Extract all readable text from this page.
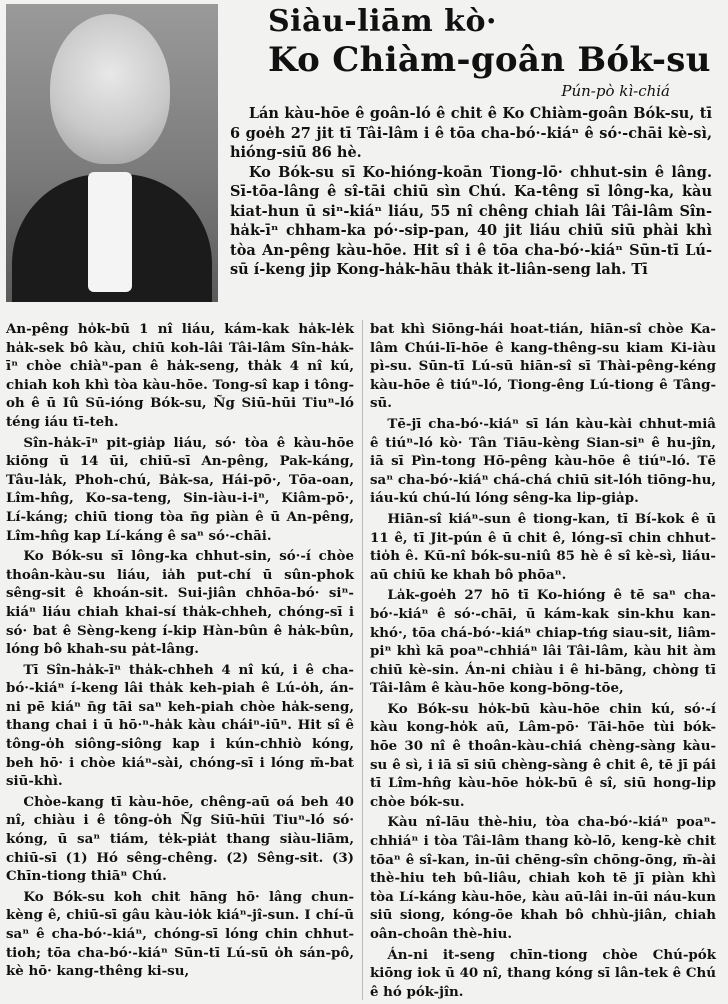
Siàu-liām kò·
Ko Chiàm-goân Bók-su
Pún-pò kì-chiá

Lán kàu-hōe ê goân-ló ê chit ê Ko Chiàm-goân Bók-su, tī 6 goe̍h 27 jit tī Tâi-lâm i ê tōa cha-bó·-kiáⁿ ê só·-chāi kè-sì, hióng-siū 86 hè.

Ko Bók-su sī Ko-hióng-koān Tiong-lō· chhut-sin ê lâng. Sī-tōa-lâng ê sî-tāi chiū sìn Chú. Ka-têng sī lông-ka, kàu kiat-hun ū siⁿ-kiáⁿ liáu, 55 nî chêng chiah lâi Tâi-lâm Sîn-ha̍k-īⁿ chham-ka pó·-sip-pan, 40 jit liáu chiū siū phài khì tòa An-pêng kàu-hōe. Hit sî i ê tōa cha-bó·-kiáⁿ Sūn-tī Lú-sū í-keng jip Kong-ha̍k-hāu tha̍k it-liân-seng lah. Tī

An-pêng ho̍k-bū 1 nî liáu, kám-kak ha̍k-le̍k ha̍k-sek bô kàu, chiū koh-lâi Tâi-lâm Sîn-ha̍k-īⁿ chòe chiàⁿ-pan ê ha̍k-seng, tha̍k 4 nî kú, chiah koh khì tòa kàu-hōe. Tong-sî kap i tông-oh ê ū Iû Sū-ióng Bók-su, Ñg Siū-hūi Tiuⁿ-ló téng iáu tī-teh.

Sîn-ha̍k-īⁿ pit-gia̍p liáu, só· tòa ê kàu-hōe kiōng ū 14 ūi, chiū-sī An-pêng, Pak-káng, Tâu-la̍k, Phoh-chú, Ba̍k-sa, Hái-pō·, Tōa-oan, Lîm-hn̂g, Ko-sa-teng, Sin-iàu-i-iⁿ, Kiâm-pō·, Lí-káng; chiū tiong tòa n̄g piàn ê ū An-pêng, Lîm-hn̂g kap Lí-káng ê saⁿ só·-chāi.

Ko Bók-su sī lông-ka chhut-sin, só·-í chòe thoân-kàu-su liáu, ia̍h put-chí ū sûn-phok sêng-sit ê khoán-sit. Sui-jiân chhōa-bó· siⁿ-kiáⁿ liáu chiah khai-sí tha̍k-chheh, chóng-sī i só· bat ê Sèng-keng í-kip Hàn-bûn ê ha̍k-bûn, lóng bô khah-su pa̍t-lâng.

Tī Sîn-ha̍k-īⁿ tha̍k-chheh 4 nî kú, i ê cha-bó·-kiáⁿ í-keng lâi tha̍k keh-piah ê Lú-o̍h, án-ni pē kiáⁿ n̄g tāi saⁿ keh-piah chòe ha̍k-seng, thang chai i ū hō·ⁿ-ha̍k kàu cháiⁿ-iūⁿ. Hit sî ê tông-o̍h siông-siông kap i kún-chhiò kóng, beh hō· i chòe kiáⁿ-sài, chóng-sī i lóng m̄-bat siū-khì.

Chòe-kang tī kàu-hōe, chêng-aū oá beh 40 nî, chiàu i ê tông-o̍h Ñg Siū-hūi Tiuⁿ-ló só· kóng, ū saⁿ tiám, te̍k-pia̍t thang siàu-liām, chiū-sī (1) Hó sêng-chêng. (2) Sêng-sit. (3) Chīn-tiong thiāⁿ Chú.

Ko Bók-su koh chit hāng hō· lâng chun-kèng ê, chiū-sī gâu kàu-io̍k kiáⁿ-jî-sun. I chí-ū saⁿ ê cha-bó·-kiáⁿ, chóng-sī lóng chin chhut-tioh; tōa cha-bó·-kiáⁿ Sūn-tī Lú-sū o̍h sán-pô, kè hō· kang-thêng ki-su,

bat khì Siōng-hái hoat-tián, hiān-sî chòe Ka-lâm Chúi-lī-hōe ê kang-thêng-su kiam Ki-iàu pì-su. Sūn-tī Lú-sū hiān-sî sī Thài-pêng-kéng kàu-hōe ê tiúⁿ-ló, Tiong-êng Lú-tiong ê Tâng-sū.

Tē-jī cha-bó·-kiáⁿ sī lán kàu-kài chhut-miâ ê tiúⁿ-ló kò· Tân Tiāu-kèng Sian-siⁿ ê hu-jîn, iā sī Pìn-tong Hō-pêng kàu-hōe ê tiúⁿ-ló. Tē saⁿ cha-bó·-kiáⁿ chá-chá chiū sit-lóh tiōng-hu, iáu-kú chú-lú lóng sêng-ka li̍p-gia̍p.

Hiān-sî kiáⁿ-sun ê tiong-kan, tī Bí-kok ê ū 11 ê, tī Jit-pún ê ū chit ê, lóng-sī chin chhut-tio̍h ê. Kū-nî bók-su-niû 85 hè ê sî kè-sì, liáu-aū chiū ke khah bô phōaⁿ.

La̍k-goe̍h 27 hō tī Ko-hióng ê tē saⁿ cha-bó·-kiáⁿ ê só·-chāi, ū kám-kak sin-khu kan-khó·, tōa chá-bó·-kiáⁿ chiap-tńg siau-sit, liâm-piⁿ khì kā poaⁿ-chhiáⁿ lâi Tâi-lâm, kàu hit àm chiū kè-sin. Án-ni chiàu i ê hi-bāng, chòng tī Tâi-lâm ê kàu-hōe kong-bōng-tōe,

Ko Bók-su ho̍k-bū kàu-hōe chin kú, só·-í kàu kong-ho̍k aū, Lâm-pō· Tāi-hōe tùi bók-hōe 30 nî ê thoân-kàu-chiá chèng-sàng kàu-su ê sì, i iā sī siū chèng-sàng ê chit ê, tē jī pái tī Lîm-hn̂g kàu-hōe ho̍k-bū ê sî, siū hong-li̍p chòe bók-su.

Kàu nî-lāu thè-hiu, tòa cha-bó·-kiáⁿ poaⁿ-chhiáⁿ i tòa Tâi-lâm thang kò-lō, keng-kè chit tōaⁿ ê sî-kan, in-ūi chēng-sîn chōng-ōng, m̄-ài thè-hiu teh bû-liâu, chiah koh tē jī piàn khì tòa Lí-káng kàu-hōe, kàu aū-lâi in-ūi náu-kun siū siong, kóng-ōe khah bô chhù-jiân, chiah oân-choân thè-hiu.

Án-ni it-seng chīn-tiong chòe Chú-pók kiōng iok ū 40 nî, thang kóng sī lân-tek ê Chú ê hó pók-jîn.
